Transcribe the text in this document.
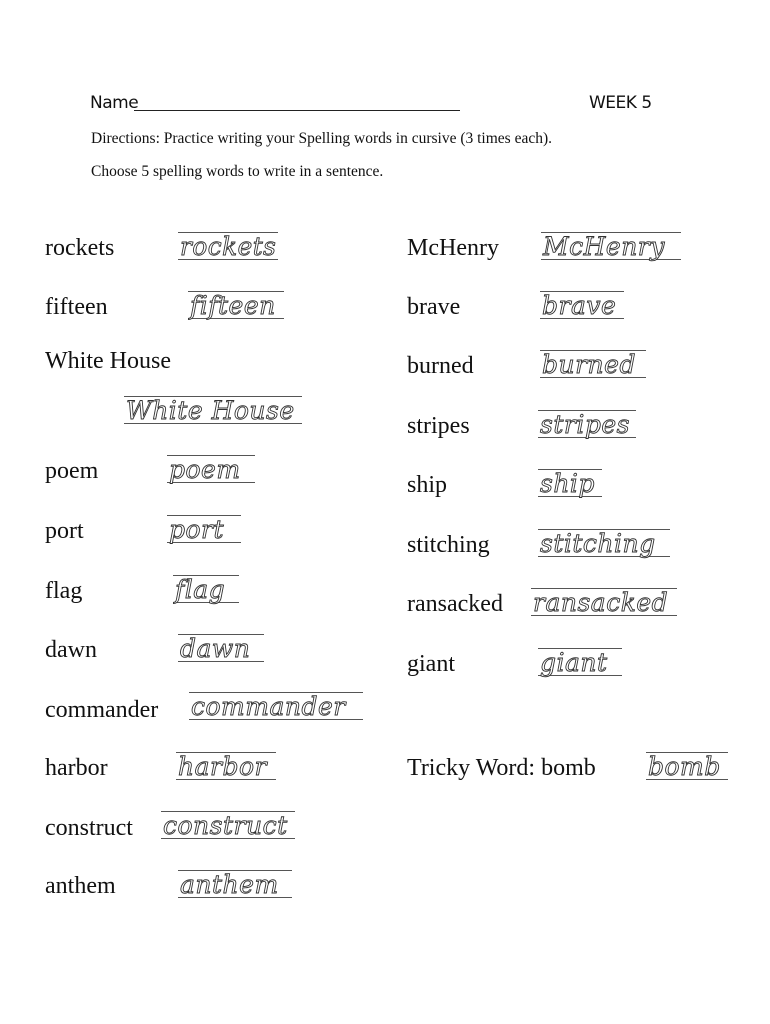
Name	WEEK 5
Directions: Practice writing your Spelling words in cursive (3 times each).
Choose 5 spelling words to write in a sentence.
rockets	rockets
fifteen	fifteen
White House
White House
poem	poem
port	port
flag	flag
dawn	dawn
commander commander
harbor	harbor
construct construct
anthem	anthem
McHenry McHenry
brave	brave
burned	burned
stripes	stripes
ship	ship
stitching stitching
ransacked ransacked
giant	giant
Tricky Word: bomb bomb
